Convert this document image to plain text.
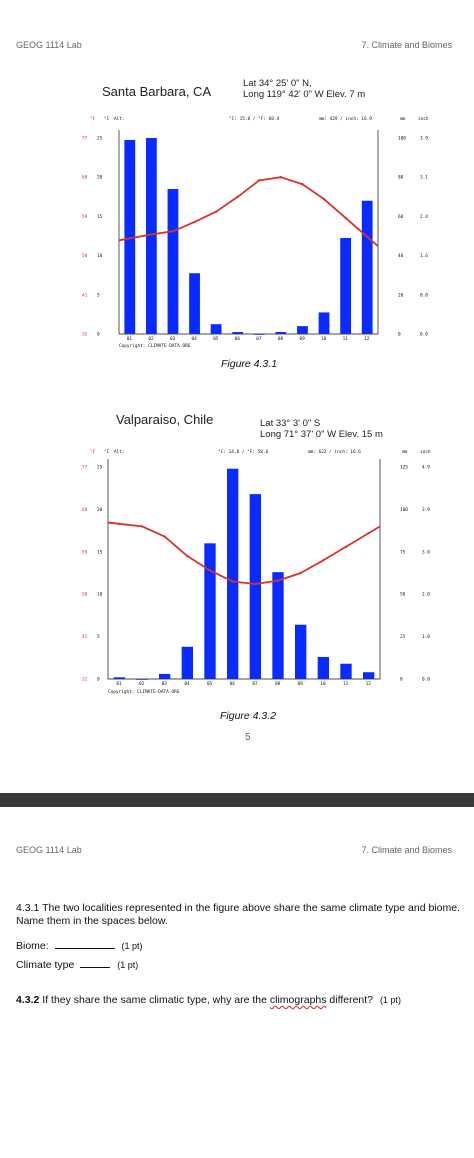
GEOG 1114 Lab	7. Climate and Biomes
Santa Barbara, CA
Lat 34° 25' 0" N,
Long 119° 42' 0" W Elev. 7 m
°F °C Alt:	°C: 15.8 / °F: 60.4	mm: 429 / inch: 16.9	mm	inch
77 25
68 20
59 15
50 10
41 5
32 0
100	3.9
80	3.1
60	2.4
40	1.6
20	0.8
0	0.0
01	02	03	04	05	06	07	08	09	10	11	12
Copyright: CLIMATE-DATA.ORG
Figure 4.3.1
Valparaiso, Chile	Lat 33° 3' 0" S
Long 71° 37' 0" W Elev. 15 m
°F °C Alt:	°C: 14.8 / °F: 58.6	mm: 622 / inch: 16.6	mm	inch
77 25
68 20
59 15
50 10
41 5
32 0
125	4.9
100	3.9
75	3.0
50	2.0
25	1.0
0	0.0
01	02	03	04	05	06	07	08	09	10	11	12
Copyright: CLIMATE-DATA.ORG
Figure 4.3.2
5
GEOG 1114 Lab	7. Climate and Biomes
4.3.1 The two localities represented in the figure above share the same climate type and biome. Name them in the spaces below.
Biome:	(1 pt)
Climate type	(1 pt)
4.3.2 If they share the same climatic type, why are the climographs different? (1 pt)
